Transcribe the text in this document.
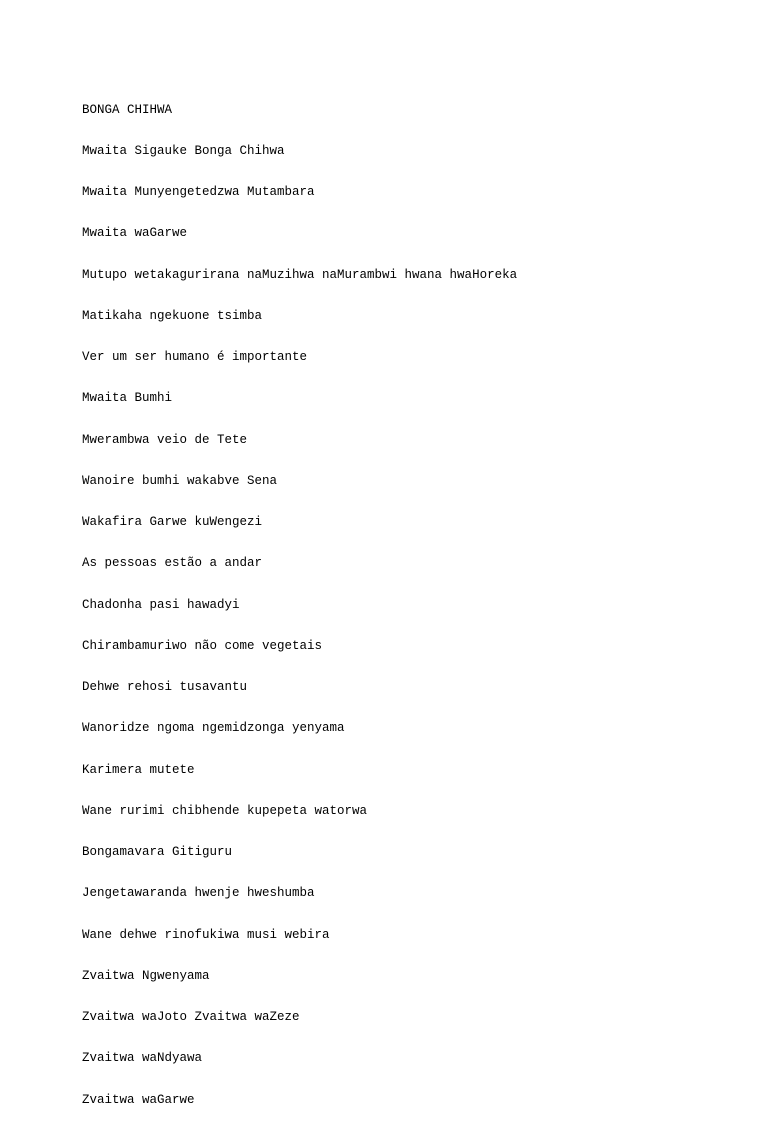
BONGA CHIHWA

Mwaita Sigauke Bonga Chihwa

Mwaita Munyengetedzwa Mutambara

Mwaita waGarwe

Mutupo wetakagurirana naMuzihwa naMurambwi hwana hwaHoreka

Matikaha ngekuone tsimba

Ver um ser humano é importante

Mwaita Bumhi

Mwerambwa veio de Tete

Wanoire bumhi wakabve Sena

Wakafira Garwe kuWengezi

As pessoas estão a andar

Chadonha pasi hawadyi

Chirambamuriwo não come vegetais

Dehwe rehosi tusavantu

Wanoridze ngoma ngemidzonga yenyama

Karimera mutete

Wane rurimi chibhende kupepeta watorwa

Bongamavara Gitiguru

Jengetawaranda hwenje hweshumba

Wane dehwe rinofukiwa musi webira

Zvaitwa Ngwenyama

Zvaitwa waJoto Zvaitwa waZeze

Zvaitwa waNdyawa

Zvaitwa waGarwe
